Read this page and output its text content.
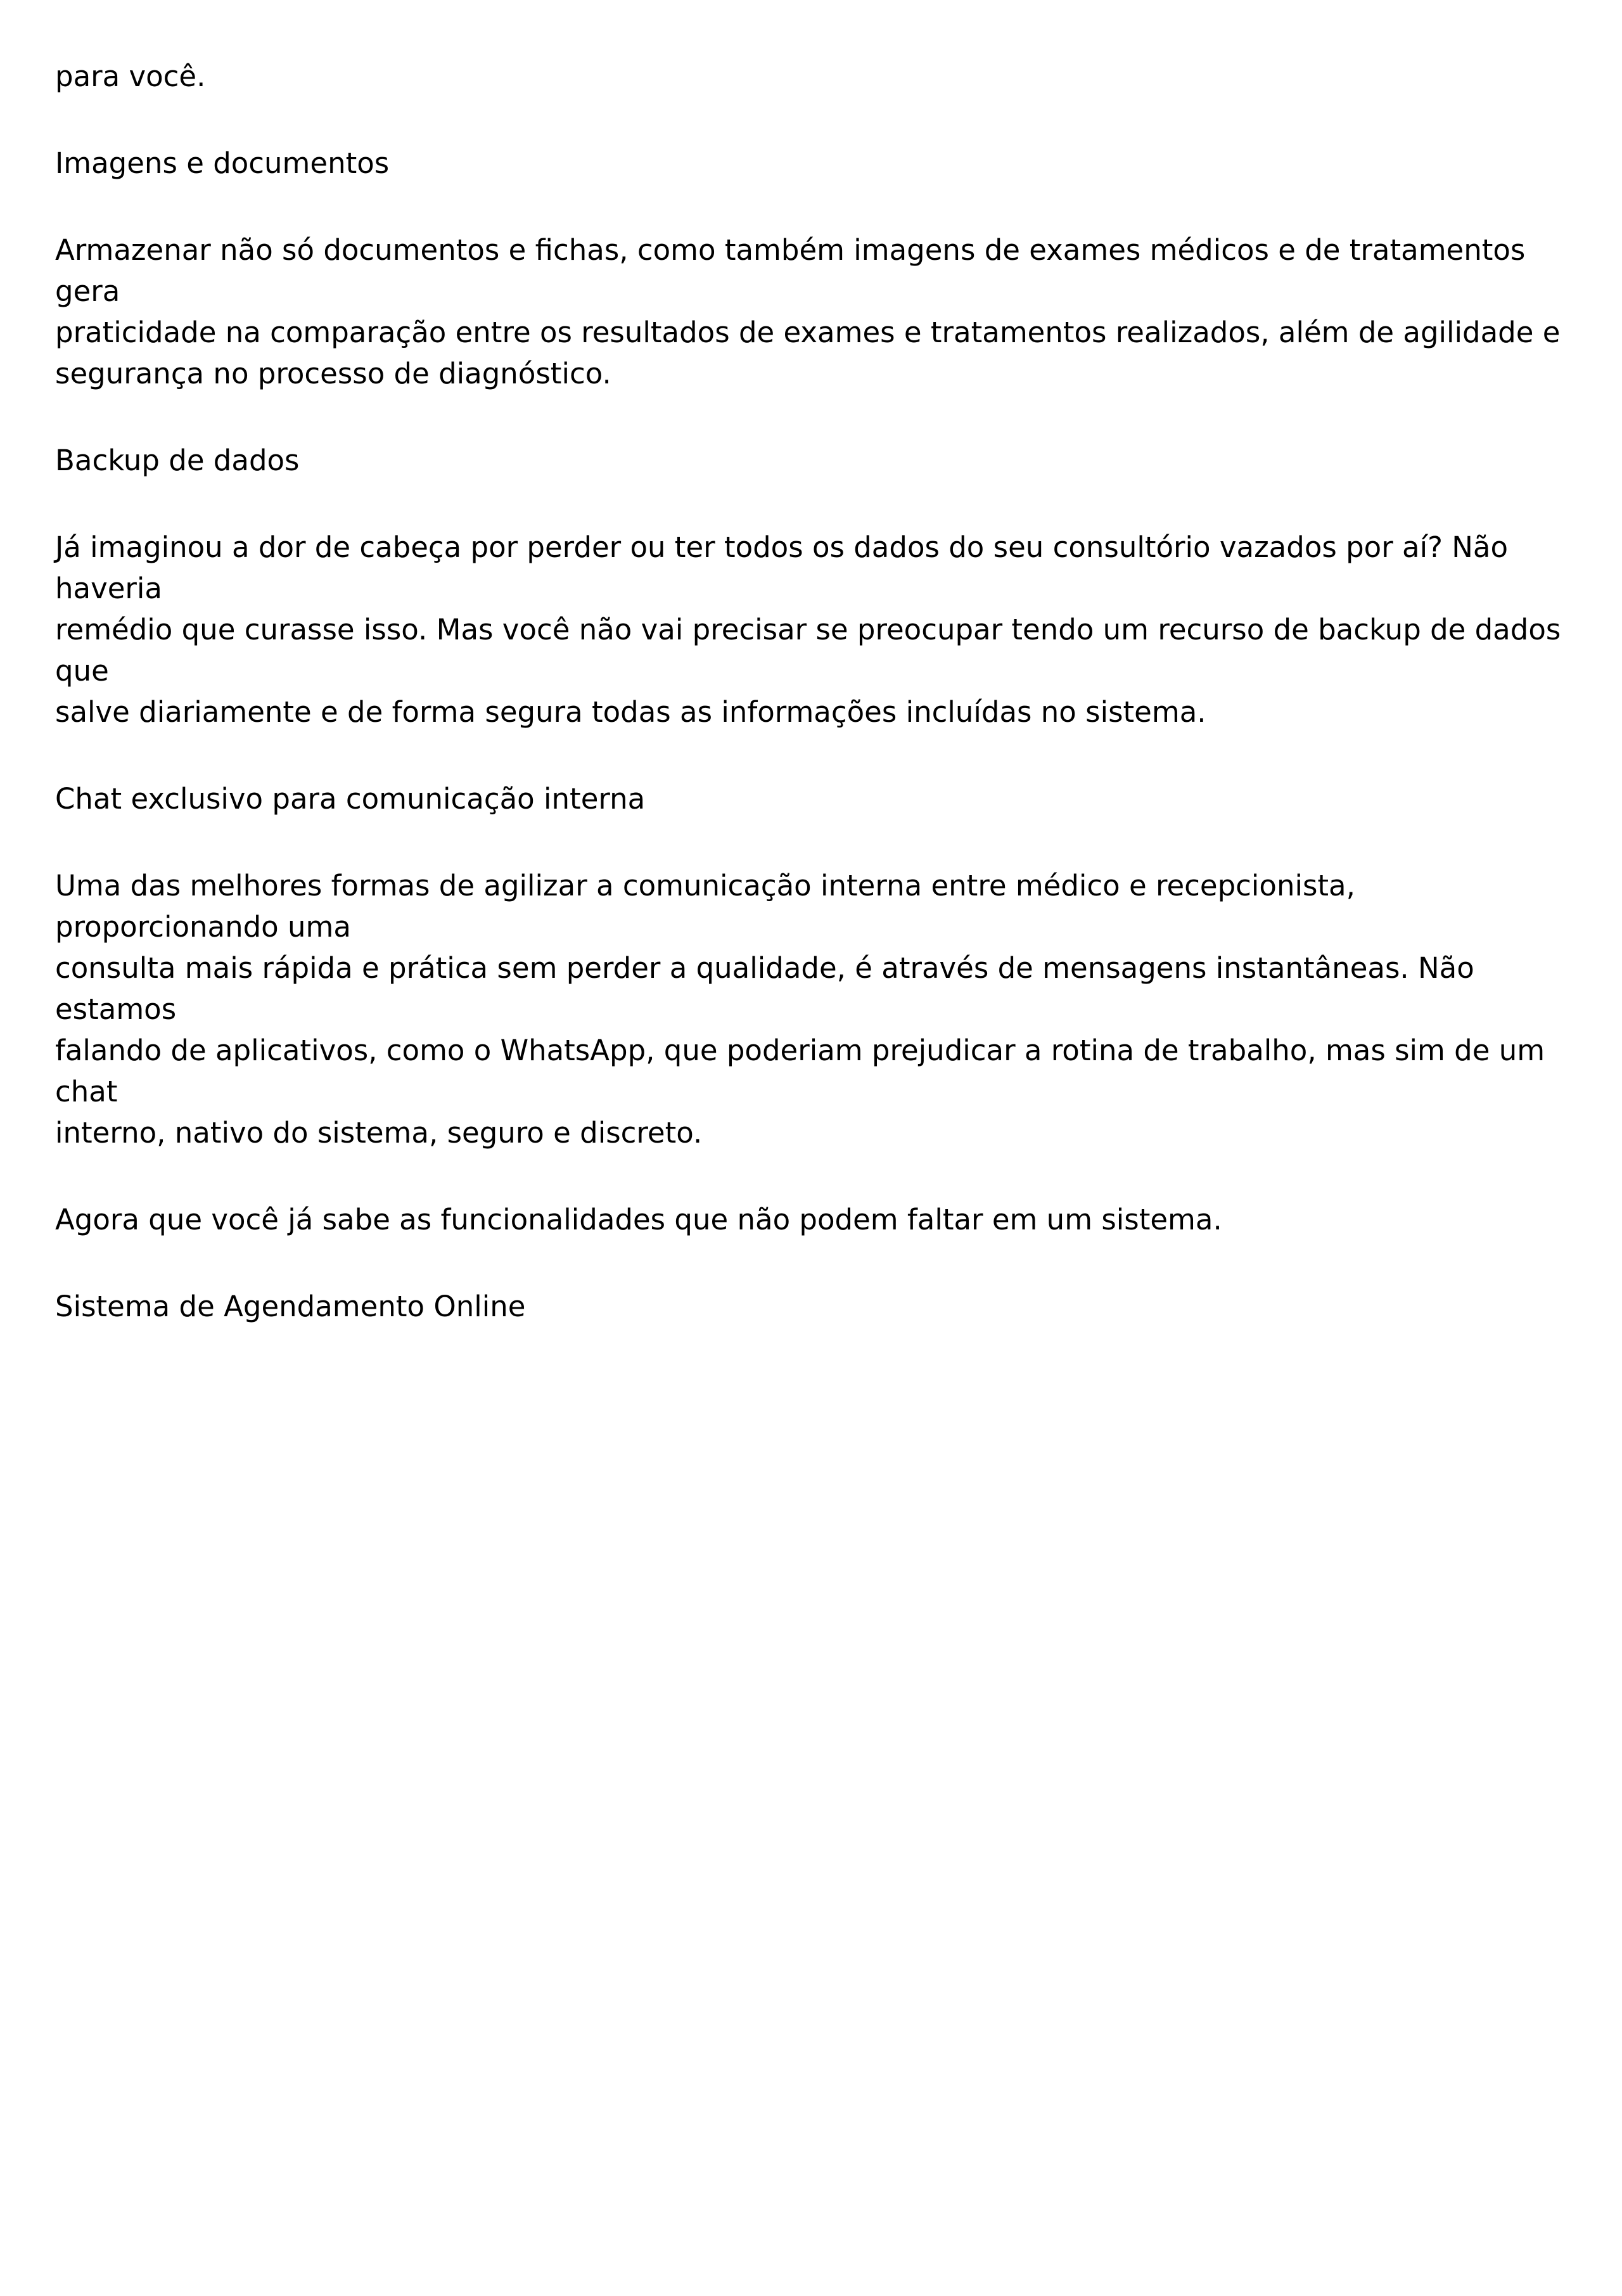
para você.

Imagens e documentos

Armazenar não só documentos e fichas, como também imagens de exames médicos e de tratamentos gera
praticidade na comparação entre os resultados de exames e tratamentos realizados, além de agilidade e
segurança no processo de diagnóstico.

Backup de dados

Já imaginou a dor de cabeça por perder ou ter todos os dados do seu consultório vazados por aí? Não haveria
remédio que curasse isso. Mas você não vai precisar se preocupar tendo um recurso de backup de dados que
salve diariamente e de forma segura todas as informações incluídas no sistema.

Chat exclusivo para comunicação interna

Uma das melhores formas de agilizar a comunicação interna entre médico e recepcionista, proporcionando uma
consulta mais rápida e prática sem perder a qualidade, é através de mensagens instantâneas. Não estamos
falando de aplicativos, como o WhatsApp, que poderiam prejudicar a rotina de trabalho, mas sim de um chat
interno, nativo do sistema, seguro e discreto.

Agora que você já sabe as funcionalidades que não podem faltar em um sistema.

Sistema de Agendamento Online
